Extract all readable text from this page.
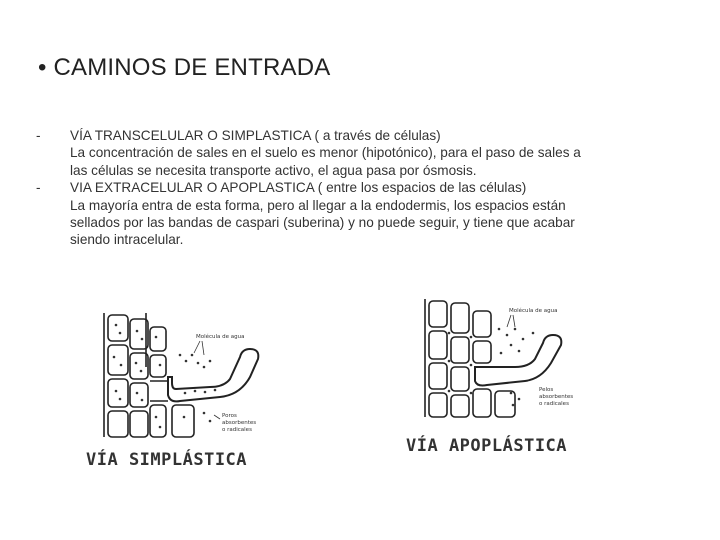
• CAMINOS DE ENTRADA
-	VÍA TRANSCELULAR O SIMPLASTICA ( a través de células)
La concentración de sales en el suelo es menor (hipotónico), para el paso de sales a
las células se necesita transporte activo, el agua pasa por ósmosis.
-	VIA EXTRACELULAR O APOPLASTICA ( entre los espacios de las células)
La mayoría entra de esta forma, pero al llegar a la endodermis, los espacios están
sellados por las bandas de caspari (suberina) y no puede seguir, y tiene que acabar
siendo intracelular.
Molécula de agua
Poros
absorbentes
o radicales
VÍA SIMPLÁSTICA
Molécula de agua
Pelos
absorbentes
o radicales
VÍA APOPLÁSTICA
